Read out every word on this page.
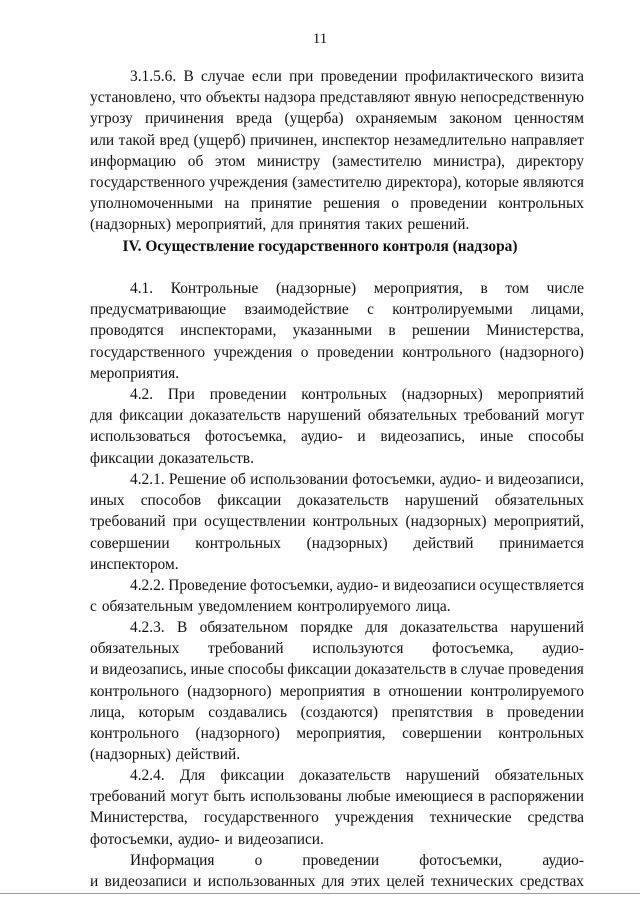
11
3.1.5.6. В случае если при проведении профилактического визита
установлено, что объекты надзора представляют явную непосредственную
угрозу причинения вреда (ущерба) охраняемым законом ценностям
или такой вред (ущерб) причинен, инспектор незамедлительно направляет
информацию об этом министру (заместителю министра), директору
государственного учреждения (заместителю директора), которые являются
уполномоченными на принятие решения о проведении контрольных
(надзорных) мероприятий, для принятия таких решений.
IV. Осуществление государственного контроля (надзора)
4.1. Контрольные (надзорные) мероприятия, в том числе
предусматривающие взаимодействие с контролируемыми лицами,
проводятся инспекторами, указанными в решении Министерства,
государственного учреждения о проведении контрольного (надзорного)
мероприятия.
4.2. При проведении контрольных (надзорных) мероприятий
для фиксации доказательств нарушений обязательных требований могут
использоваться фотосъемка, аудио- и видеозапись, иные способы
фиксации доказательств.
4.2.1. Решение об использовании фотосъемки, аудио- и видеозаписи,
иных способов фиксации доказательств нарушений обязательных
требований при осуществлении контрольных (надзорных) мероприятий,
совершении контрольных (надзорных) действий принимается
инспектором.
4.2.2. Проведение фотосъемки, аудио- и видеозаписи осуществляется
с обязательным уведомлением контролируемого лица.
4.2.3. В обязательном порядке для доказательства нарушений
обязательных требований используются фотосъемка, аудио-
и видеозапись, иные способы фиксации доказательств в случае проведения
контрольного (надзорного) мероприятия в отношении контролируемого
лица, которым создавались (создаются) препятствия в проведении
контрольного (надзорного) мероприятия, совершении контрольных
(надзорных) действий.
4.2.4. Для фиксации доказательств нарушений обязательных
требований могут быть использованы любые имеющиеся в распоряжении
Министерства, государственного учреждения технические средства
фотосъемки, аудио- и видеозаписи.
Информация	о	проведении	фотосъемки,	аудио-
и видеозаписи и использованных для этих целей технических средствах
